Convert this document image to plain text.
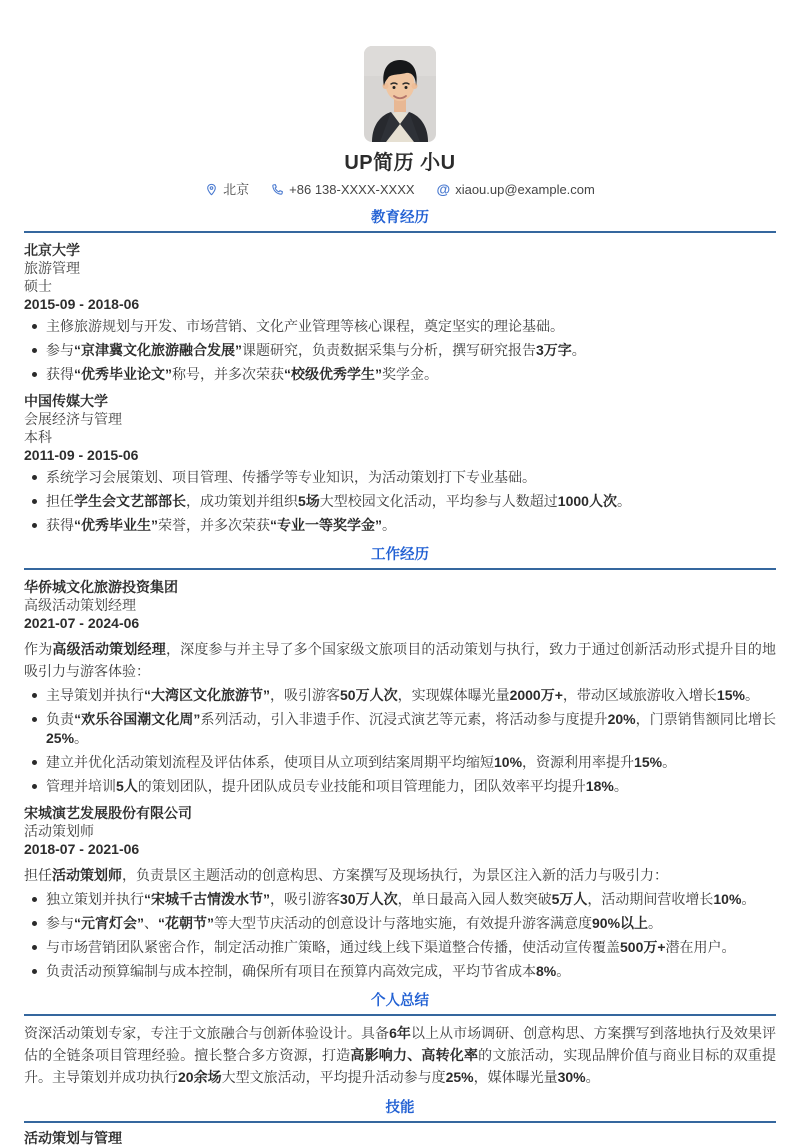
UP简历 小U
北京	+86 138-XXXX-XXXX @ xiaou.up@example.com
教育经历
北京大学
旅游管理
硕士
2015-09 - 2018-06
主修旅游规划与开发、市场营销、文化产业管理等核心课程，奠定坚实的理论基础。
参与“京津冀文化旅游融合发展”课题研究，负责数据采集与分析，撰写研究报告3万字。
获得“优秀毕业论文”称号，并多次荣获“校级优秀学生”奖学金。
中国传媒大学
会展经济与管理
本科
2011-09 - 2015-06
系统学习会展策划、项目管理、传播学等专业知识，为活动策划打下专业基础。
担任学生会文艺部部长，成功策划并组织5场大型校园文化活动，平均参与人数超过1000人次。
获得“优秀毕业生”荣誉，并多次荣获“专业一等奖学金”。
工作经历
华侨城文化旅游投资集团
高级活动策划经理
2021-07 - 2024-06
作为高级活动策划经理，深度参与并主导了多个国家级文旅项目的活动策划与执行，致力于通过创新活动形式提升目的地吸引力与游客体验：
主导策划并执行“大湾区文化旅游节”，吸引游客50万人次，实现媒体曝光量2000万+，带动区域旅游收入增长15%。
负责“欢乐谷国潮文化周”系列活动，引入非遗手作、沉浸式演艺等元素，将活动参与度提升20%，门票销售额同比增长25%。
建立并优化活动策划流程及评估体系，使项目从立项到结案周期平均缩短10%，资源利用率提升15%。
管理并培训5人的策划团队，提升团队成员专业技能和项目管理能力，团队效率平均提升18%。
宋城演艺发展股份有限公司
活动策划师
2018-07 - 2021-06
担任活动策划师，负责景区主题活动的创意构思、方案撰写及现场执行，为景区注入新的活力与吸引力：
独立策划并执行“宋城千古情泼水节”，吸引游客30万人次，单日最高入园人数突破5万人，活动期间营收增长10%。
参与“元宵灯会”、“花朝节”等大型节庆活动的创意设计与落地实施，有效提升游客满意度90%以上。
与市场营销团队紧密合作，制定活动推广策略，通过线上线下渠道整合传播，使活动宣传覆盖500万+潜在用户。
负责活动预算编制与成本控制，确保所有项目在预算内高效完成，平均节省成本8%。
个人总结
资深活动策划专家，专注于文旅融合与创新体验设计。具备6年以上从市场调研、创意构思、方案撰写到落地执行及效果评估的全链条项目管理经验。擅长整合多方资源，打造高影响力、高转化率的文旅活动，实现品牌价值与商业目标的双重提升。主导策划并成功执行20余场大型文旅活动，平均提升活动参与度25%，媒体曝光量30%。
技能
活动策划与管理
